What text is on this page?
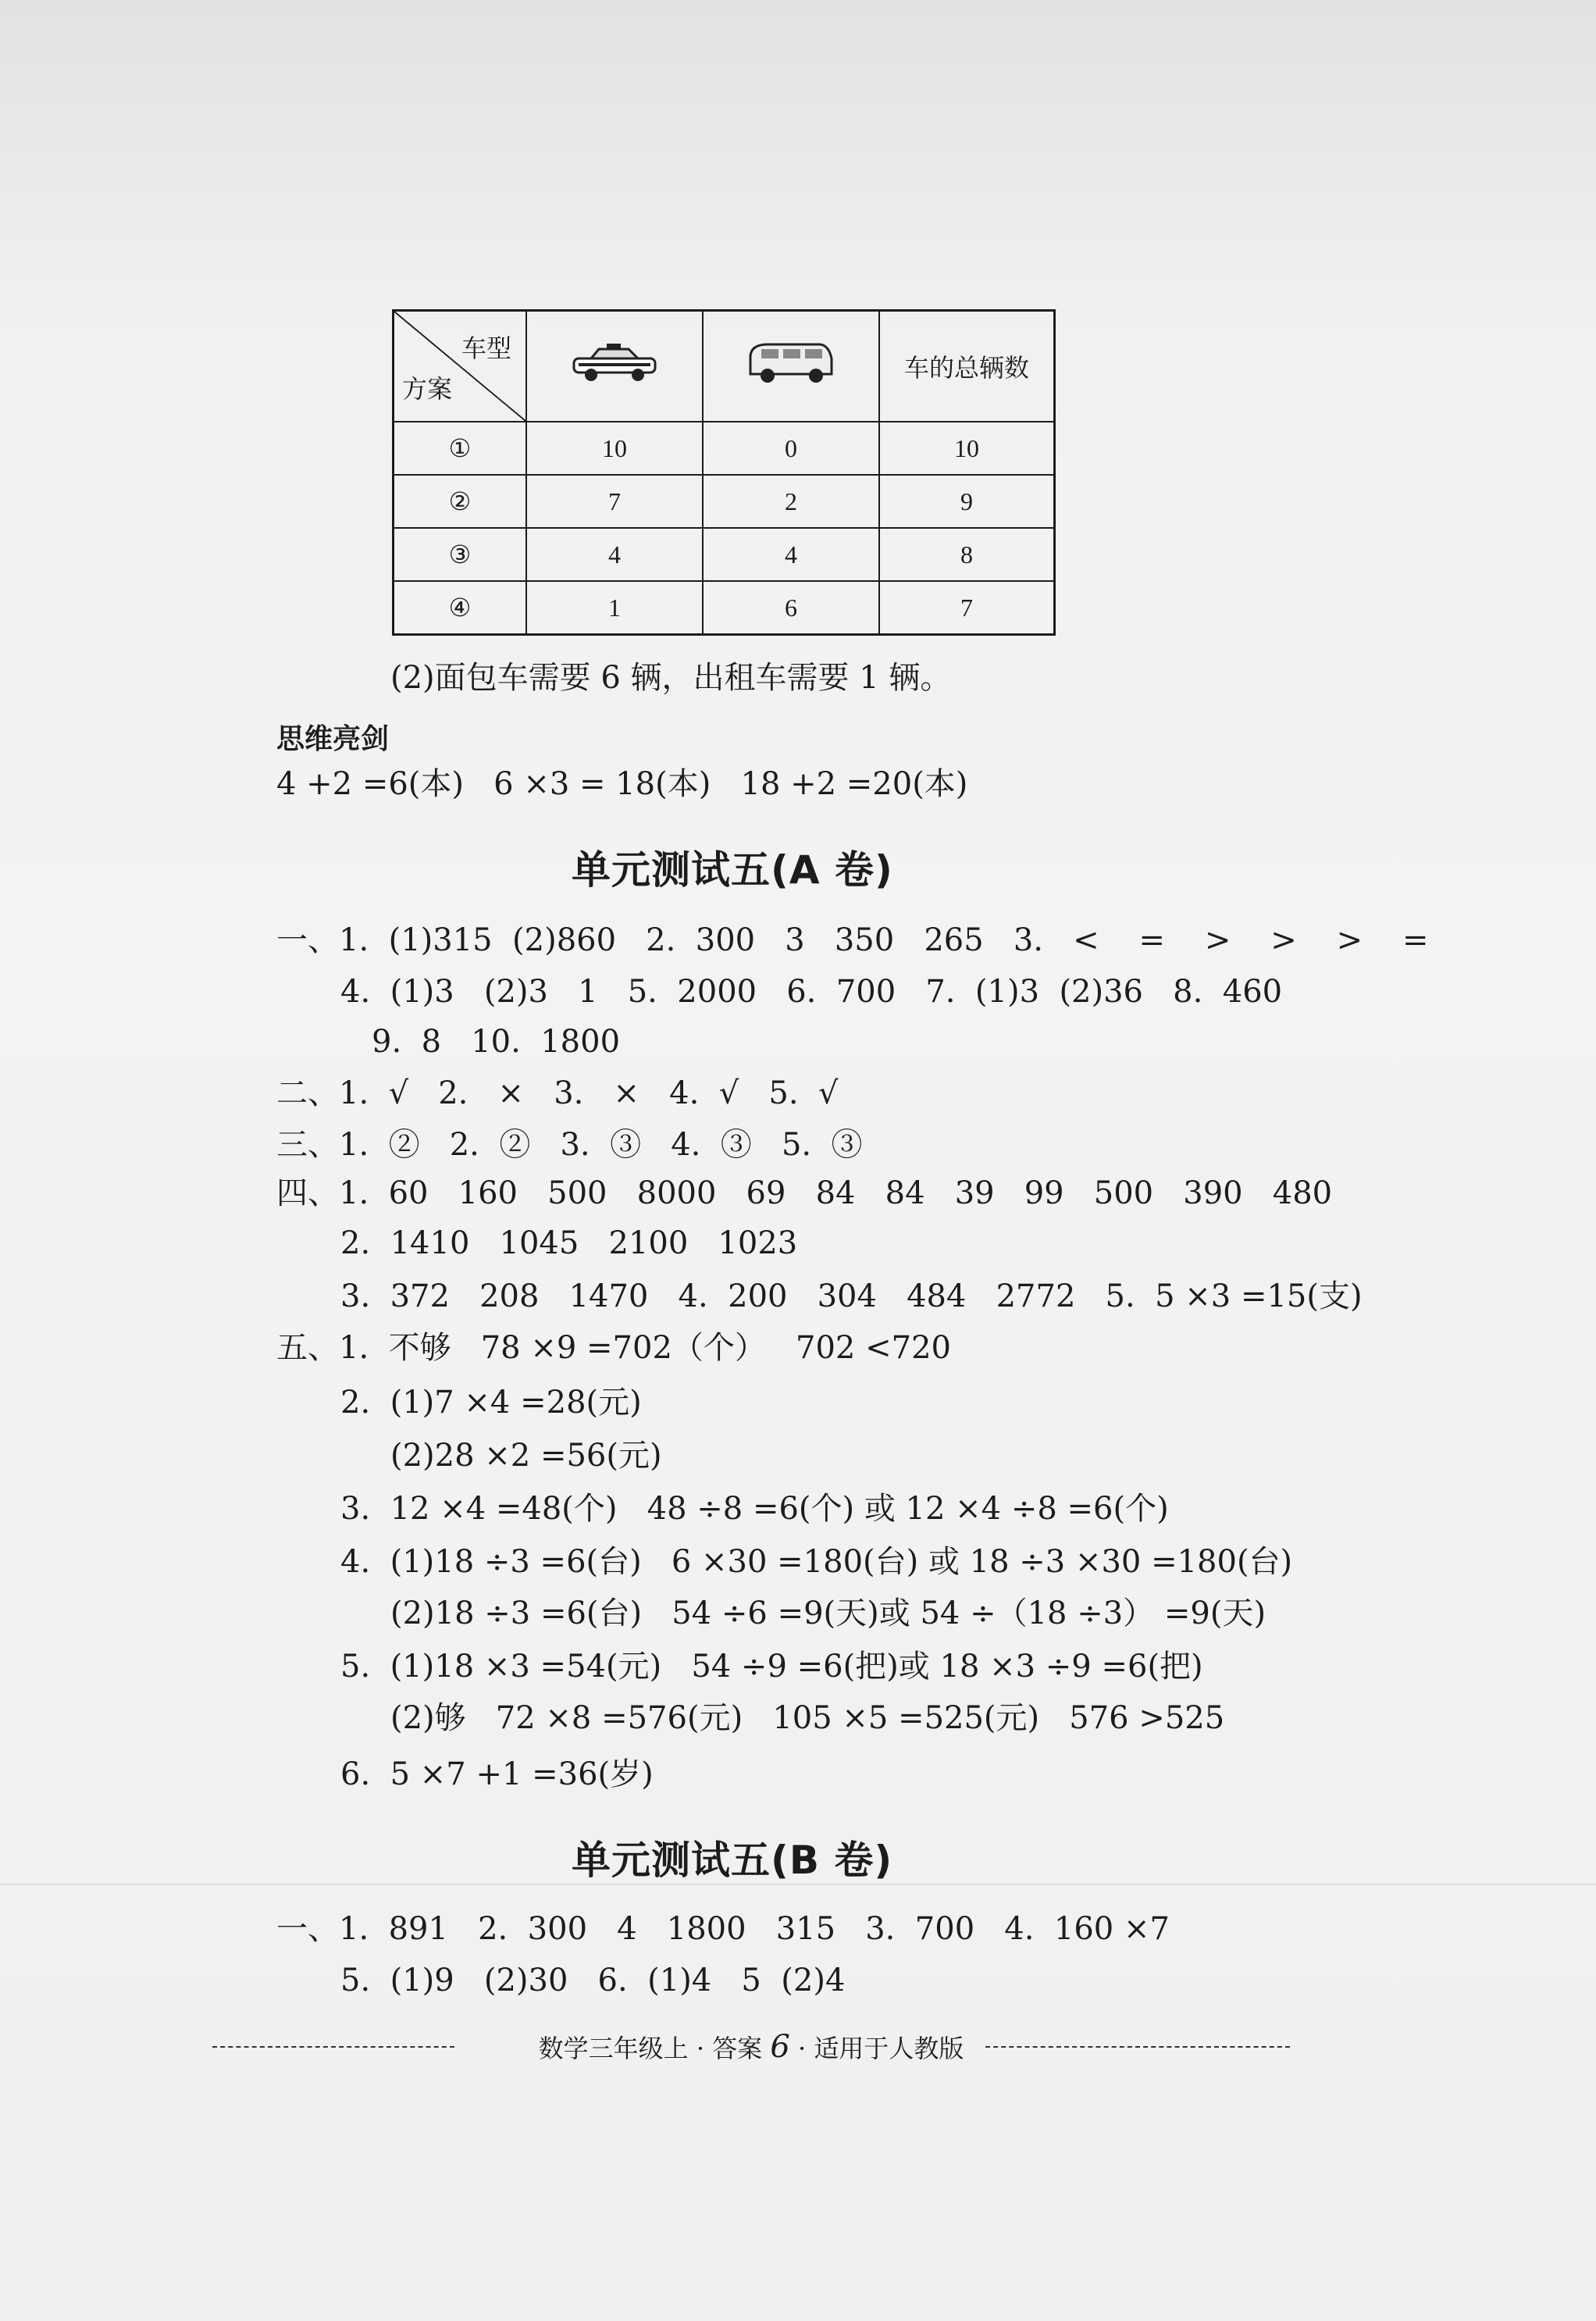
车型
方案			车的总辆数
①	10	0	10
②	7	2	9
③	4	4	8
④	1	6	7
(2)面包车需要 6 辆，出租车需要 1 辆。
思维亮剑
4 +2 =6(本)   6 ×3 = 18(本)   18 +2 =20(本)
单元测试五(A 卷)
一、1.  (1)315  (2)860   2.  300   3   350   265   3.   <    =    >    >    >    =
4.  (1)3   (2)3   1   5.  2000   6.  700   7.  (1)3  (2)36   8.  460
9.  8   10.  1800
二、1.  √   2.   ×   3.   ×   4.  √   5.  √
三、1.  ②   2.  ②   3.  ③   4.  ③   5.  ③
四、1.  60   160   500   8000   69   84   84   39   99   500   390   480
2.  1410   1045   2100   1023
3.  372   208   1470   4.  200   304   484   2772   5.  5 ×3 =15(支)
五、1.  不够   78 ×9 =702（个）   702 <720
2.  (1)7 ×4 =28(元)
(2)28 ×2 =56(元)
3.  12 ×4 =48(个)   48 ÷8 =6(个) 或 12 ×4 ÷8 =6(个)
4.  (1)18 ÷3 =6(台)   6 ×30 =180(台) 或 18 ÷3 ×30 =180(台)
(2)18 ÷3 =6(台)   54 ÷6 =9(天)或 54 ÷（18 ÷3） =9(天)
5.  (1)18 ×3 =54(元)   54 ÷9 =6(把)或 18 ×3 ÷9 =6(把)
(2)够   72 ×8 =576(元)   105 ×5 =525(元)   576 >525
6.  5 ×7 +1 =36(岁)
单元测试五(B 卷)
一、1.  891   2.  300   4   1800   315   3.  700   4.  160 ×7
5.  (1)9   (2)30   6.  (1)4   5  (2)4
数学三年级上 · 答案 6 · 适用于人教版
